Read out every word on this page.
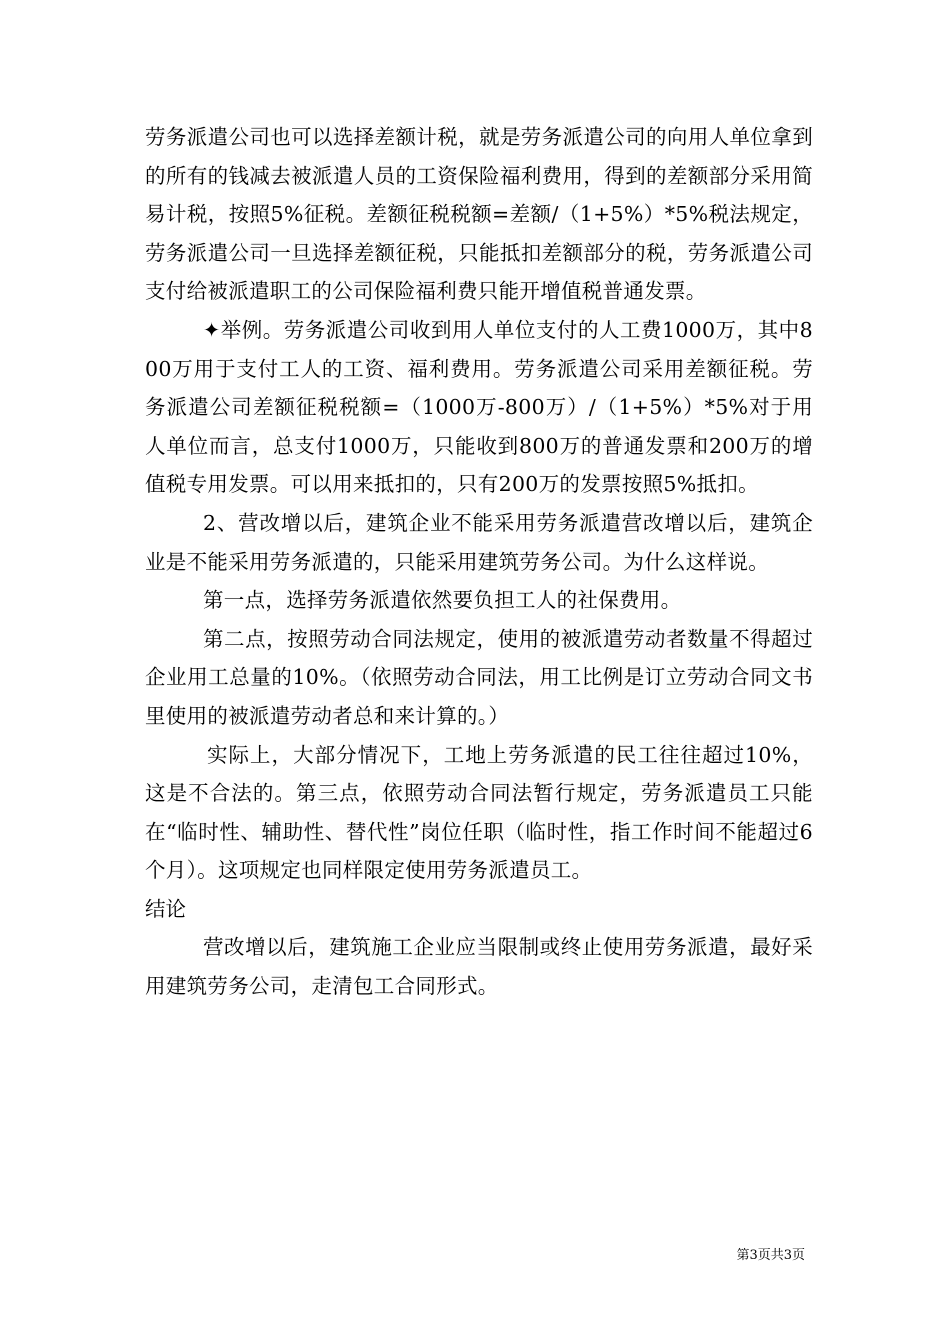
劳务派遣公司也可以选择差额计税，就是劳务派遣公司的向用人单位拿到的所有的钱减去被派遣人员的工资保险福利费用，得到的差额部分采用简易计税，按照5%征税。差额征税税额=差额/（1+5%）*5%税法规定，劳务派遣公司一旦选择差额征税，只能抵扣差额部分的税，劳务派遣公司支付给被派遣职工的公司保险福利费只能开增值税普通发票。

✦举例。劳务派遣公司收到用人单位支付的人工费1000万，其中800万用于支付工人的工资、福利费用。劳务派遣公司采用差额征税。劳务派遣公司差额征税税额=（1000万-800万）/（1+5%）*5%对于用人单位而言，总支付1000万，只能收到800万的普通发票和200万的增值税专用发票。可以用来抵扣的，只有200万的发票按照5%抵扣。

2、营改增以后，建筑企业不能采用劳务派遣营改增以后，建筑企业是不能采用劳务派遣的，只能采用建筑劳务公司。为什么这样说。

第一点，选择劳务派遣依然要负担工人的社保费用。

第二点，按照劳动合同法规定，使用的被派遣劳动者数量不得超过企业用工总量的10%。（依照劳动合同法，用工比例是订立劳动合同文书里使用的被派遣劳动者总和来计算的。）

实际上，大部分情况下，工地上劳务派遣的民工往往超过10%，这是不合法的。第三点，依照劳动合同法暂行规定，劳务派遣员工只能在“临时性、辅助性、替代性”岗位任职（临时性，指工作时间不能超过6个月）。这项规定也同样限定使用劳务派遣员工。

结论

营改增以后，建筑施工企业应当限制或终止使用劳务派遣，最好采用建筑劳务公司，走清包工合同形式。

第3页共3页
